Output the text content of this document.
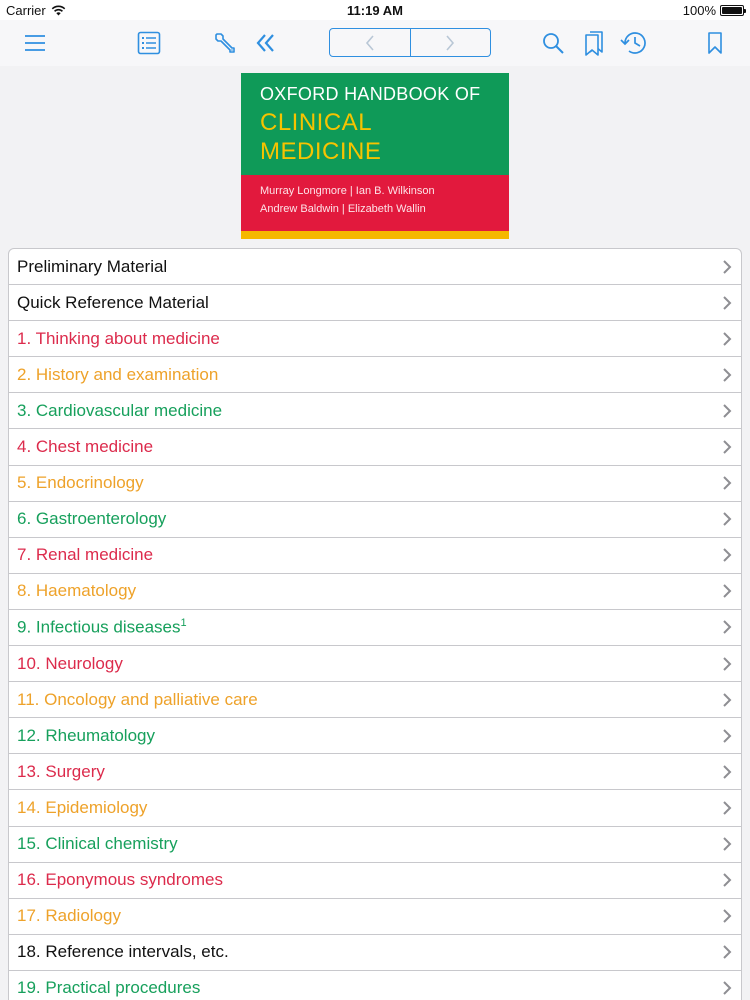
Carrier	11:19 AM	100%
OXFORD HANDBOOK OF
CLINICAL
MEDICINE
Murray Longmore | Ian B. Wilkinson
Andrew Baldwin | Elizabeth Wallin
Preliminary Material
Quick Reference Material
1. Thinking about medicine
2. History and examination
3. Cardiovascular medicine
4. Chest medicine
5. Endocrinology
6. Gastroenterology
7. Renal medicine
8. Haematology
9. Infectious diseases$^1$
10. Neurology
11. Oncology and palliative care
12. Rheumatology
13. Surgery
14. Epidemiology
15. Clinical chemistry
16. Eponymous syndromes
17. Radiology
18. Reference intervals, etc.
19. Practical procedures
